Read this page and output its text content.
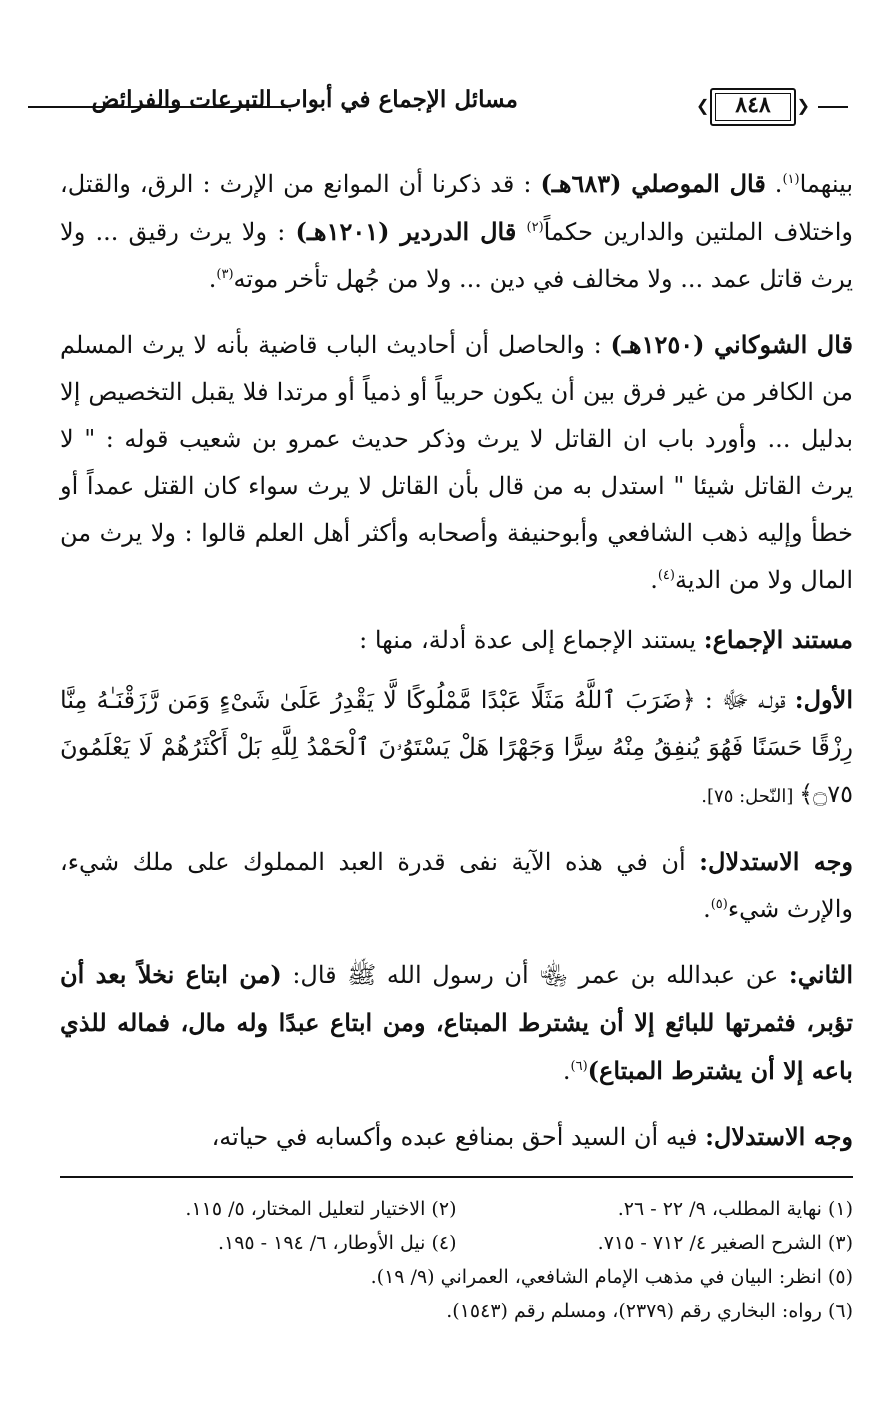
مسائل الإجماع في أبواب التبرعات والفرائض	❮	٨٤٨	❯

بينهما$^{(١)}$. قال الموصلي (٦٨٣هـ) : قد ذكرنا أن الموانع من الإرث : الرق، والقتل، واختلاف الملتين والدارين حكماً$^{(٢)}$ قال الدردير (١٢٠١هـ) : ولا يرث رقيق ... ولا يرث قاتل عمد ... ولا مخالف في دين ... ولا من جُهل تأخر موته$^{(٣)}$.

قال الشوكاني (١٢٥٠هـ) : والحاصل أن أحاديث الباب قاضية بأنه لا يرث المسلم من الكافر من غير فرق بين أن يكون حربياً أو ذمياً أو مرتدا فلا يقبل التخصيص إلا بدليل ... وأورد باب ان القاتل لا يرث وذكر حديث عمرو بن شعيب قوله : " لا يرث القاتل شيئا " استدل به من قال بأن القاتل لا يرث سواء كان القتل عمداً أو خطأ وإليه ذهب الشافعي وأبوحنيفة وأصحابه وأكثر أهل العلم قالوا : ولا يرث من المال ولا من الدية$^{(٤)}$.

مستند الإجماع: يستند الإجماع إلى عدة أدلة، منها :

الأول: قولـه ﷻ : ﴿ضَرَبَ ٱللَّهُ مَثَلًا عَبْدًا مَّمْلُوكًا لَّا يَقْدِرُ عَلَىٰ شَىْءٍ وَمَن رَّزَقْنَـٰهُ مِنَّا رِزْقًا حَسَنًا فَهُوَ يُنفِقُ مِنْهُ سِرًّا وَجَهْرًا هَلْ يَسْتَوُۥنَ ٱلْحَمْدُ لِلَّهِ بَلْ أَكْثَرُهُمْ لَا يَعْلَمُونَ ۝٧٥﴾ [النّحل: ٧٥].

وجه الاستدلال: أن في هذه الآية نفى قدرة العبد المملوك على ملك شيء، والإرث شيء$^{(٥)}$.

الثاني: عن عبدالله بن عمر ﵄ أن رسول الله ﷺ قال: (من ابتاع نخلاً بعد أن تؤبر، فثمرتها للبائع إلا أن يشترط المبتاع، ومن ابتاع عبدًا وله مال، فماله للذي باعه إلا أن يشترط المبتاع)$^{(٦)}$.

وجه الاستدلال: فيه أن السيد أحق بمنافع عبده وأكسابه في حياته،

(١) نهاية المطلب، ٩/ ٢٢ - ٢٦.
(٢) الاختيار لتعليل المختار، ٥/ ١١٥.
(٣) الشرح الصغير ٤/ ٧١٢ - ٧١٥.
(٤) نيل الأوطار، ٦/ ١٩٤ - ١٩٥.
(٥) انظر: البيان في مذهب الإمام الشافعي، العمراني (٩/ ١٩).
(٦) رواه: البخاري رقم (٢٣٧٩)، ومسلم رقم (١٥٤٣).
